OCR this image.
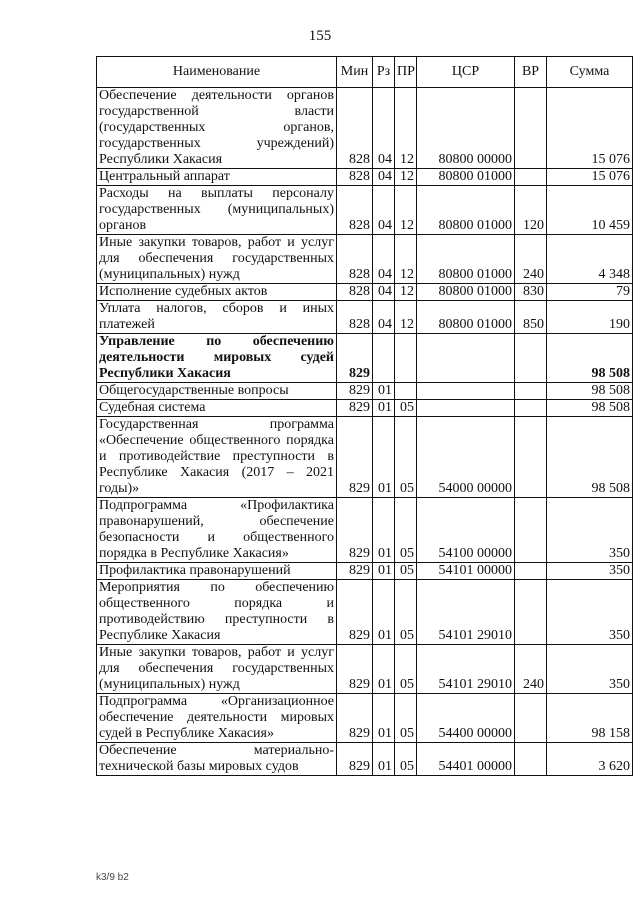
155
Наименование	Мин	Рз	ПР	ЦСР	ВР	Сумма
Обеспечение деятельности органов государственной власти (государственных органов, государственных учреждений) Республики Хакасия	828	04	12	80800 00000		15 076
Центральный аппарат	828	04	12	80800 01000		15 076
Расходы на выплаты персоналу государственных (муниципальных) органов	828	04	12	80800 01000	120	10 459
Иные закупки товаров, работ и услуг для обеспечения государственных (муниципальных) нужд	828	04	12	80800 01000	240	4 348
Исполнение судебных актов	828	04	12	80800 01000	830	79
Уплата налогов, сборов и иных платежей	828	04	12	80800 01000	850	190
Управление по обеспечению деятельности мировых судей Республики Хакасия	829					98 508
Общегосударственные вопросы	829	01				98 508
Судебная система	829	01	05			98 508
Государственная программа «Обеспечение общественного порядка и противодействие преступности в Республике Хакасия (2017 – 2021 годы)»	829	01	05	54000 00000		98 508
Подпрограмма «Профилактика правонарушений, обеспечение безопасности и общественного порядка в Республике Хакасия»	829	01	05	54100 00000		350
Профилактика правонарушений	829	01	05	54101 00000		350
Мероприятия по обеспечению общественного порядка и противодействию преступности в Республике Хакасия	829	01	05	54101 29010		350
Иные закупки товаров, работ и услуг для обеспечения государственных (муниципальных) нужд	829	01	05	54101 29010	240	350
Подпрограмма «Организационное обеспечение деятельности мировых судей в Республике Хакасия»	829	01	05	54400 00000		98 158
Обеспечение материально-технической базы мировых судов	829	01	05	54401 00000		3 620
k3/9 b2
